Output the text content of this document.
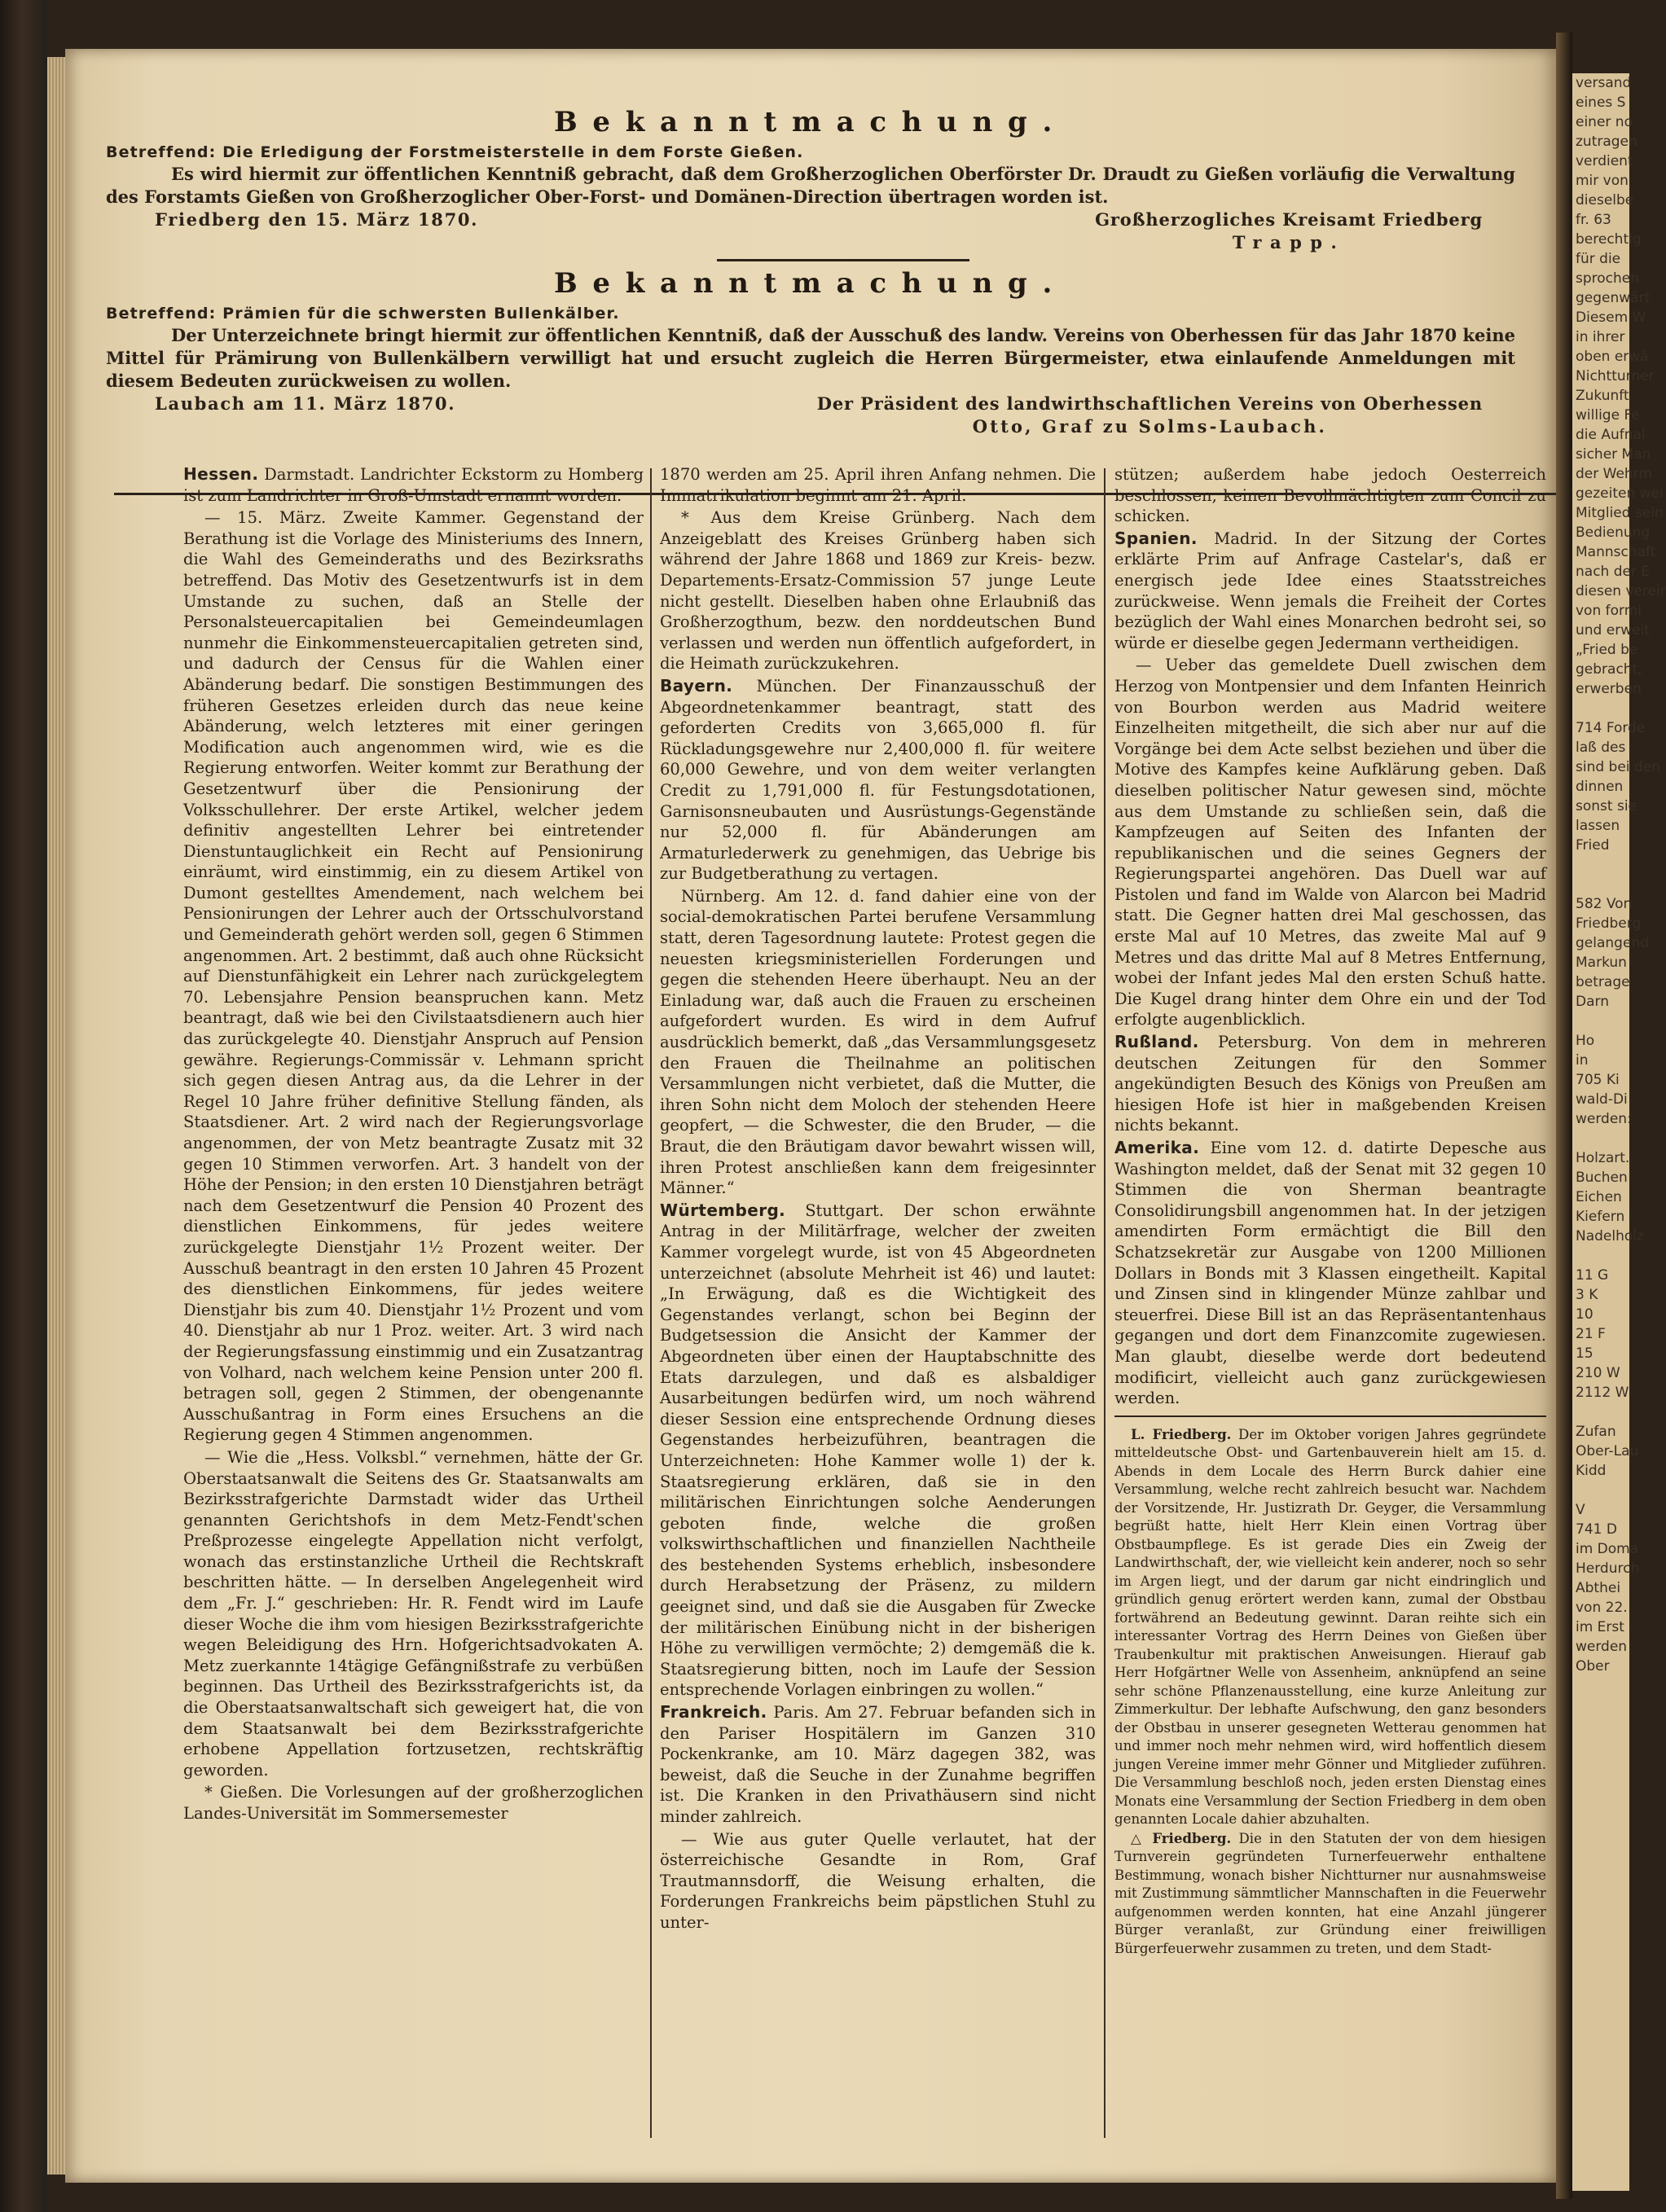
Bekanntmachung.
Betreffend: Die Erledigung der Forstmeisterstelle in dem Forste Gießen.
Es wird hiermit zur öffentlichen Kenntniß gebracht, daß dem Großherzoglichen Oberförster Dr. Draudt zu Gießen vorläufig die Verwaltung des Forstamts Gießen von Großherzoglicher Ober-Forst- und Domänen-Direction übertragen worden ist.
Friedberg den 15. März 1870.	Großherzogliches Kreisamt Friedberg
Trapp.
Bekanntmachung.
Betreffend: Prämien für die schwersten Bullenkälber.
Der Unterzeichnete bringt hiermit zur öffentlichen Kenntniß, daß der Ausschuß des landw. Vereins von Oberhessen für das Jahr 1870 keine Mittel für Prämirung von Bullenkälbern verwilligt hat und ersucht zugleich die Herren Bürgermeister, etwa einlaufende Anmeldungen mit diesem Bedeuten zurückweisen zu wollen.
Laubach am 11. März 1870.	Der Präsident des landwirthschaftlichen Vereins von Oberhessen
Otto, Graf zu Solms-Laubach.

Hessen. Darmstadt. Landrichter Eckstorm zu Homberg ist zum Landrichter in Groß-Umstadt ernannt worden.

— 15. März. Zweite Kammer. Gegenstand der Berathung ist die Vorlage des Ministeriums des Innern, die Wahl des Gemeinderaths und des Bezirksraths betreffend. Das Motiv des Gesetzentwurfs ist in dem Umstande zu suchen, daß an Stelle der Personalsteuercapitalien bei Gemeindeumlagen nunmehr die Einkommensteuercapitalien getreten sind, und dadurch der Census für die Wahlen einer Abänderung bedarf. Die sonstigen Bestimmungen des früheren Gesetzes erleiden durch das neue keine Abänderung, welch letzteres mit einer geringen Modification auch angenommen wird, wie es die Regierung entworfen. Weiter kommt zur Berathung der Gesetzentwurf über die Pensionirung der Volksschullehrer. Der erste Artikel, welcher jedem definitiv angestellten Lehrer bei eintretender Dienstuntauglichkeit ein Recht auf Pensionirung einräumt, wird einstimmig, ein zu diesem Artikel von Dumont gestelltes Amendement, nach welchem bei Pensionirungen der Lehrer auch der Ortsschulvorstand und Gemeinderath gehört werden soll, gegen 6 Stimmen angenommen. Art. 2 bestimmt, daß auch ohne Rücksicht auf Dienstunfähigkeit ein Lehrer nach zurückgelegtem 70. Lebensjahre Pension beanspruchen kann. Metz beantragt, daß wie bei den Civilstaatsdienern auch hier das zurückgelegte 40. Dienstjahr Anspruch auf Pension gewähre. Regierungs-Commissär v. Lehmann spricht sich gegen diesen Antrag aus, da die Lehrer in der Regel 10 Jahre früher definitive Stellung fänden, als Staatsdiener. Art. 2 wird nach der Regierungsvorlage angenommen, der von Metz beantragte Zusatz mit 32 gegen 10 Stimmen verworfen. Art. 3 handelt von der Höhe der Pension; in den ersten 10 Dienstjahren beträgt nach dem Gesetzentwurf die Pension 40 Prozent des dienstlichen Einkommens, für jedes weitere zurückgelegte Dienstjahr 1½ Prozent weiter. Der Ausschuß beantragt in den ersten 10 Jahren 45 Prozent des dienstlichen Einkommens, für jedes weitere Dienstjahr bis zum 40. Dienstjahr 1½ Prozent und vom 40. Dienstjahr ab nur 1 Proz. weiter. Art. 3 wird nach der Regierungsfassung einstimmig und ein Zusatzantrag von Volhard, nach welchem keine Pension unter 200 fl. betragen soll, gegen 2 Stimmen, der obengenannte Ausschußantrag in Form eines Ersuchens an die Regierung gegen 4 Stimmen angenommen.

— Wie die „Hess. Volksbl.“ vernehmen, hätte der Gr. Oberstaatsanwalt die Seitens des Gr. Staatsanwalts am Bezirksstrafgerichte Darmstadt wider das Urtheil genannten Gerichtshofs in dem Metz-Fendt'schen Preßprozesse eingelegte Appellation nicht verfolgt, wonach das erstinstanzliche Urtheil die Rechtskraft beschritten hätte. — In derselben Angelegenheit wird dem „Fr. J.“ geschrieben: Hr. R. Fendt wird im Laufe dieser Woche die ihm vom hiesigen Bezirksstrafgerichte wegen Beleidigung des Hrn. Hofgerichtsadvokaten A. Metz zuerkannte 14tägige Gefängnißstrafe zu verbüßen beginnen. Das Urtheil des Bezirksstrafgerichts ist, da die Oberstaatsanwaltschaft sich geweigert hat, die von dem Staatsanwalt bei dem Bezirksstrafgerichte erhobene Appellation fortzusetzen, rechtskräftig geworden.

* Gießen. Die Vorlesungen auf der großherzoglichen Landes-Universität im Sommersemester

1870 werden am 25. April ihren Anfang nehmen. Die Immatrikulation beginnt am 21. April.

* Aus dem Kreise Grünberg. Nach dem Anzeigeblatt des Kreises Grünberg haben sich während der Jahre 1868 und 1869 zur Kreis- bezw. Departements-Ersatz-Commission 57 junge Leute nicht gestellt. Dieselben haben ohne Erlaubniß das Großherzogthum, bezw. den norddeutschen Bund verlassen und werden nun öffentlich aufgefordert, in die Heimath zurückzukehren.

Bayern. München. Der Finanzausschuß der Abgeordnetenkammer beantragt, statt des geforderten Credits von 3,665,000 fl. für Rückladungsgewehre nur 2,400,000 fl. für weitere 60,000 Gewehre, und von dem weiter verlangten Credit zu 1,791,000 fl. für Festungsdotationen, Garnisonsneubauten und Ausrüstungs-Gegenstände nur 52,000 fl. für Abänderungen am Armaturlederwerk zu genehmigen, das Uebrige bis zur Budgetberathung zu vertagen.

Nürnberg. Am 12. d. fand dahier eine von der social-demokratischen Partei berufene Versammlung statt, deren Tagesordnung lautete: Protest gegen die neuesten kriegsministeriellen Forderungen und gegen die stehenden Heere überhaupt. Neu an der Einladung war, daß auch die Frauen zu erscheinen aufgefordert wurden. Es wird in dem Aufruf ausdrücklich bemerkt, daß „das Versammlungsgesetz den Frauen die Theilnahme an politischen Versammlungen nicht verbietet, daß die Mutter, die ihren Sohn nicht dem Moloch der stehenden Heere geopfert, — die Schwester, die den Bruder, — die Braut, die den Bräutigam davor bewahrt wissen will, ihren Protest anschließen kann dem freigesinnter Männer.“

Würtemberg. Stuttgart. Der schon erwähnte Antrag in der Militärfrage, welcher der zweiten Kammer vorgelegt wurde, ist von 45 Abgeordneten unterzeichnet (absolute Mehrheit ist 46) und lautet: „In Erwägung, daß es die Wichtigkeit des Gegenstandes verlangt, schon bei Beginn der Budgetsession die Ansicht der Kammer der Abgeordneten über einen der Hauptabschnitte des Etats darzulegen, und daß es alsbaldiger Ausarbeitungen bedürfen wird, um noch während dieser Session eine entsprechende Ordnung dieses Gegenstandes herbeizuführen, beantragen die Unterzeichneten: Hohe Kammer wolle 1) der k. Staatsregierung erklären, daß sie in den militärischen Einrichtungen solche Aenderungen geboten finde, welche die großen volkswirthschaftlichen und finanziellen Nachtheile des bestehenden Systems erheblich, insbesondere durch Herabsetzung der Präsenz, zu mildern geeignet sind, und daß sie die Ausgaben für Zwecke der militärischen Einübung nicht in der bisherigen Höhe zu verwilligen vermöchte; 2) demgemäß die k. Staatsregierung bitten, noch im Laufe der Session entsprechende Vorlagen einbringen zu wollen.“

Frankreich. Paris. Am 27. Februar befanden sich in den Pariser Hospitälern im Ganzen 310 Pockenkranke, am 10. März dagegen 382, was beweist, daß die Seuche in der Zunahme begriffen ist. Die Kranken in den Privathäusern sind nicht minder zahlreich.

— Wie aus guter Quelle verlautet, hat der österreichische Gesandte in Rom, Graf Trautmannsdorff, die Weisung erhalten, die Forderungen Frankreichs beim päpstlichen Stuhl zu unter-

stützen; außerdem habe jedoch Oesterreich beschlossen, keinen Bevollmächtigten zum Concil zu schicken.

Spanien. Madrid. In der Sitzung der Cortes erklärte Prim auf Anfrage Castelar's, daß er energisch jede Idee eines Staatsstreiches zurückweise. Wenn jemals die Freiheit der Cortes bezüglich der Wahl eines Monarchen bedroht sei, so würde er dieselbe gegen Jedermann vertheidigen.

— Ueber das gemeldete Duell zwischen dem Herzog von Montpensier und dem Infanten Heinrich von Bourbon werden aus Madrid weitere Einzelheiten mitgetheilt, die sich aber nur auf die Vorgänge bei dem Acte selbst beziehen und über die Motive des Kampfes keine Aufklärung geben. Daß dieselben politischer Natur gewesen sind, möchte aus dem Umstande zu schließen sein, daß die Kampfzeugen auf Seiten des Infanten der republikanischen und die seines Gegners der Regierungspartei angehören. Das Duell war auf Pistolen und fand im Walde von Alarcon bei Madrid statt. Die Gegner hatten drei Mal geschossen, das erste Mal auf 10 Metres, das zweite Mal auf 9 Metres und das dritte Mal auf 8 Metres Entfernung, wobei der Infant jedes Mal den ersten Schuß hatte. Die Kugel drang hinter dem Ohre ein und der Tod erfolgte augenblicklich.

Rußland. Petersburg. Von dem in mehreren deutschen Zeitungen für den Sommer angekündigten Besuch des Königs von Preußen am hiesigen Hofe ist hier in maßgebenden Kreisen nichts bekannt.

Amerika. Eine vom 12. d. datirte Depesche aus Washington meldet, daß der Senat mit 32 gegen 10 Stimmen die von Sherman beantragte Consolidirungsbill angenommen hat. In der jetzigen amendirten Form ermächtigt die Bill den Schatzsekretär zur Ausgabe von 1200 Millionen Dollars in Bonds mit 3 Klassen eingetheilt. Kapital und Zinsen sind in klingender Münze zahlbar und steuerfrei. Diese Bill ist an das Repräsentantenhaus gegangen und dort dem Finanzcomite zugewiesen. Man glaubt, dieselbe werde dort bedeutend modificirt, vielleicht auch ganz zurückgewiesen werden.

L. Friedberg. Der im Oktober vorigen Jahres gegründete mitteldeutsche Obst- und Gartenbauverein hielt am 15. d. Abends in dem Locale des Herrn Burck dahier eine Versammlung, welche recht zahlreich besucht war. Nachdem der Vorsitzende, Hr. Justizrath Dr. Geyger, die Versammlung begrüßt hatte, hielt Herr Klein einen Vortrag über Obstbaumpflege. Es ist gerade Dies ein Zweig der Landwirthschaft, der, wie vielleicht kein anderer, noch so sehr im Argen liegt, und der darum gar nicht eindringlich und gründlich genug erörtert werden kann, zumal der Obstbau fortwährend an Bedeutung gewinnt. Daran reihte sich ein interessanter Vortrag des Herrn Deines von Gießen über Traubenkultur mit praktischen Anweisungen. Hierauf gab Herr Hofgärtner Welle von Assenheim, anknüpfend an seine sehr schöne Pflanzenausstellung, eine kurze Anleitung zur Zimmerkultur. Der lebhafte Aufschwung, den ganz besonders der Obstbau in unserer gesegneten Wetterau genommen hat und immer noch mehr nehmen wird, wird hoffentlich diesem jungen Vereine immer mehr Gönner und Mitglieder zuführen. Die Versammlung beschloß noch, jeden ersten Dienstag eines Monats eine Versammlung der Section Friedberg in dem oben genannten Locale dahier abzuhalten.

△ Friedberg. Die in den Statuten der von dem hiesigen Turnverein gegründeten Turnerfeuerwehr enthaltene Bestimmung, wonach bisher Nichtturner nur ausnahmsweise mit Zustimmung sämmtlicher Mannschaften in die Feuerwehr aufgenommen werden konnten, hat eine Anzahl jüngerer Bürger veranlaßt, zur Gründung einer freiwilligen Bürgerfeuerwehr zusammen zu treten, und dem Stadt-

versand
eines S
einer no
zutragen
verdient
mir von
dieselbe
fr. 63
berechtig
für die
sprochen
gegenwärt
Diesem W
in ihrer
oben erwä
Nichtturner
Zukunft
willige Fe
die Aufnal
sicher Man
der Wehrm
gezeiten wei
Mitglied sein
Bedienung
Mannschaft
nach der E
diesen vereir
von formi
und erweit
„Fried be
gebracht,
erwerben

714 Forde
laß des
sind bei den
dinnen
sonst sie
lassen
Fried

582 Von
Friedberg
gelangend
Markun
betrage
Darn

Ho
in
705 Ki
wald-Di
werden:

Holzart.
Buchen
Eichen
Kiefern
Nadelholz

11 G
3 K
10
21 F
15
210 W
2112 W

Zufan
Ober-Lau
Kidd

V
741 D
im Doma
Herdurch
Abthei
von 22.
im Erst
werden
Ober
